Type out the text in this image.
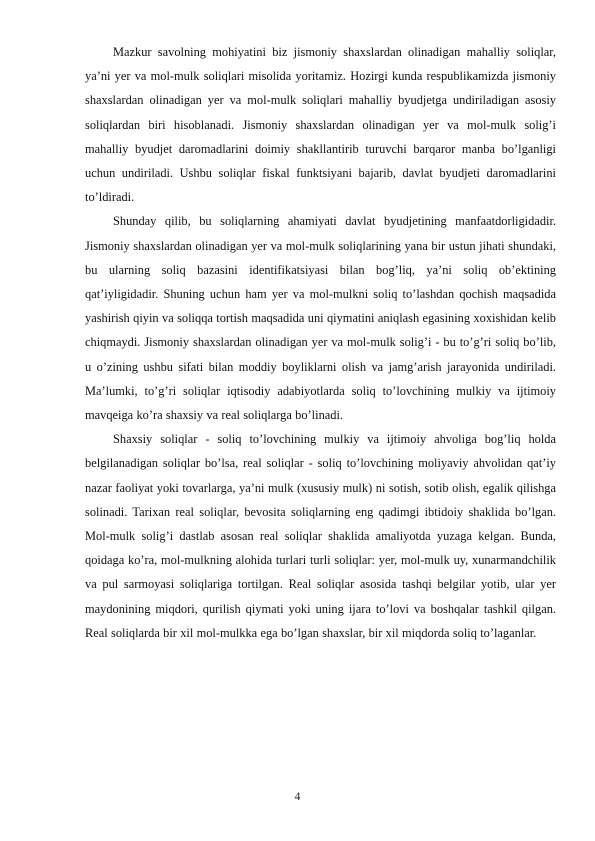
Mazkur savolning mohiyatini biz jismoniy shaxslardan olinadigan mahalliy soliqlar, ya’ni yer va mol-mulk soliqlari misolida yoritamiz. Hozirgi kunda respublikamizda jismoniy shaxslardan olinadigan yer va mol-mulk soliqlari mahalliy byudjetga undiriladigan asosiy soliqlardan biri hisoblanadi. Jismoniy shaxslardan olinadigan yer va mol-mulk solig’i mahalliy byudjet daromadlarini doimiy shakllantirib turuvchi barqaror manba bo’lganligi uchun undiriladi. Ushbu soliqlar fiskal funktsiyani bajarib, davlat byudjeti daromadlarini to’ldiradi.

Shunday qilib, bu soliqlarning ahamiyati davlat byudjetining manfaatdorligidadir. Jismoniy shaxslardan olinadigan yer va mol-mulk soliqlarining yana bir ustun jihati shundaki, bu ularning soliq bazasini identifikatsiyasi bilan bog’liq, ya’ni soliq ob’ektining qat’iyligidadir. Shuning uchun ham yer va mol-mulkni soliq to’lashdan qochish maqsadida yashirish qiyin va soliqqa tortish maqsadida uni qiymatini aniqlash egasining xoxishidan kelib chiqmaydi. Jismoniy shaxslardan olinadigan yer va mol-mulk solig’i - bu to’g’ri soliq bo’lib, u o’zining ushbu sifati bilan moddiy boyliklarni olish va jamg’arish jarayonida undiriladi. Ma’lumki, to’g’ri soliqlar iqtisodiy adabiyotlarda soliq to’lovchining mulkiy va ijtimoiy mavqeiga ko’ra shaxsiy va real soliqlarga bo’linadi.

Shaxsiy soliqlar - soliq to’lovchining mulkiy va ijtimoiy ahvoliga bog’liq holda belgilanadigan soliqlar bo’lsa, real soliqlar - soliq to’lovchining moliyaviy ahvolidan qat’iy nazar faoliyat yoki tovarlarga, ya’ni mulk (xususiy mulk) ni sotish, sotib olish, egalik qilishga solinadi. Tarixan real soliqlar, bevosita soliqlarning eng qadimgi ibtidoiy shaklida bo’lgan. Mol-mulk solig’i dastlab asosan real soliqlar shaklida amaliyotda yuzaga kelgan. Bunda, qoidaga ko’ra, mol-mulkning alohida turlari turli soliqlar: yer, mol-mulk uy, xunarmandchilik va pul sarmoyasi soliqlariga tortilgan. Real soliqlar asosida tashqi belgilar yotib, ular yer maydonining miqdori, qurilish qiymati yoki uning ijara to’lovi va boshqalar tashkil qilgan. Real soliqlarda bir xil mol-mulkka ega bo’lgan shaxslar, bir xil miqdorda soliq to’laganlar.

4
